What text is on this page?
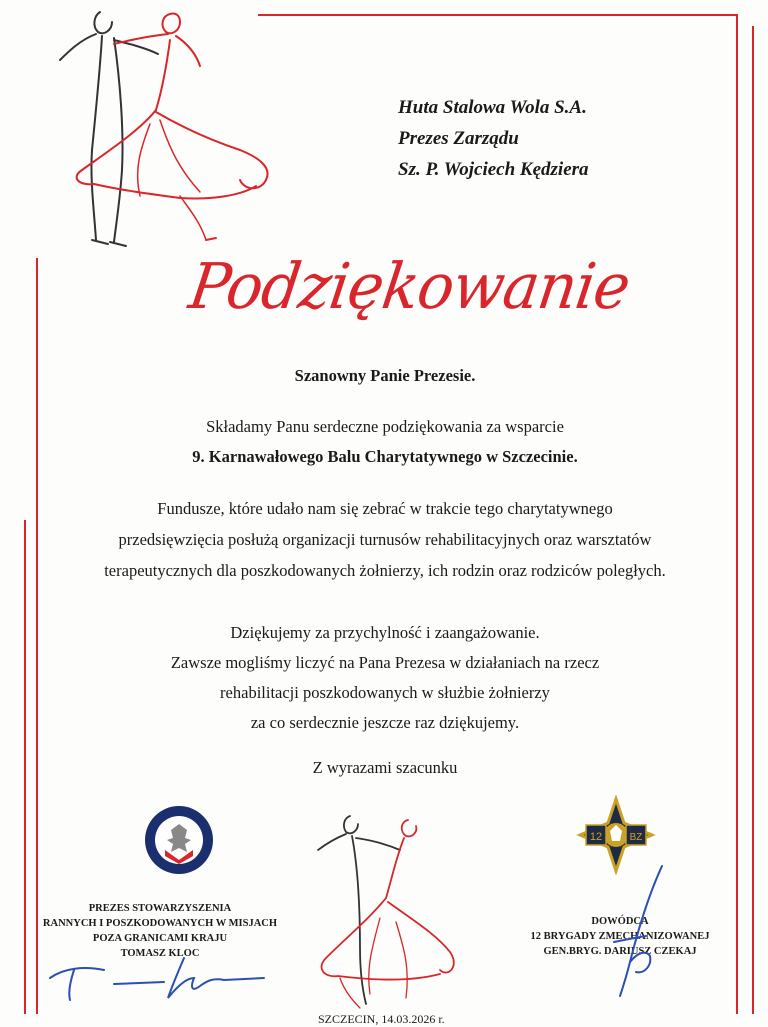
Huta Stalowa Wola S.A.
Prezes Zarządu
Sz. P. Wojciech Kędziera
Podziękowanie
Szanowny Panie Prezesie.
Składamy Panu serdeczne podziękowania za wsparcie
9. Karnawałowego Balu Charytatywnego w Szczecinie.
Fundusze, które udało nam się zebrać w trakcie tego charytatywnego
przedsięwzięcia posłużą organizacji turnusów rehabilitacyjnych oraz warsztatów
terapeutycznych dla poszkodowanych żołnierzy, ich rodzin oraz rodziców poległych.
Dziękujemy za przychylność i zaangażowanie.
Zawsze mogliśmy liczyć na Pana Prezesa w działaniach na rzecz
rehabilitacji poszkodowanych w służbie żołnierzy
za co serdecznie jeszcze raz dziękujemy.
Z wyrazami szacunku
12	BZ
PREZES STOWARZYSZENIA
RANNYCH I POSZKODOWANYCH W MISJACH
POZA GRANICAMI KRAJU
TOMASZ KLOC
DOWÓDCA
12 BRYGADY ZMECHANIZOWANEJ
GEN.BRYG. DARIUSZ CZEKAJ
SZCZECIN, 14.03.2026 r.
